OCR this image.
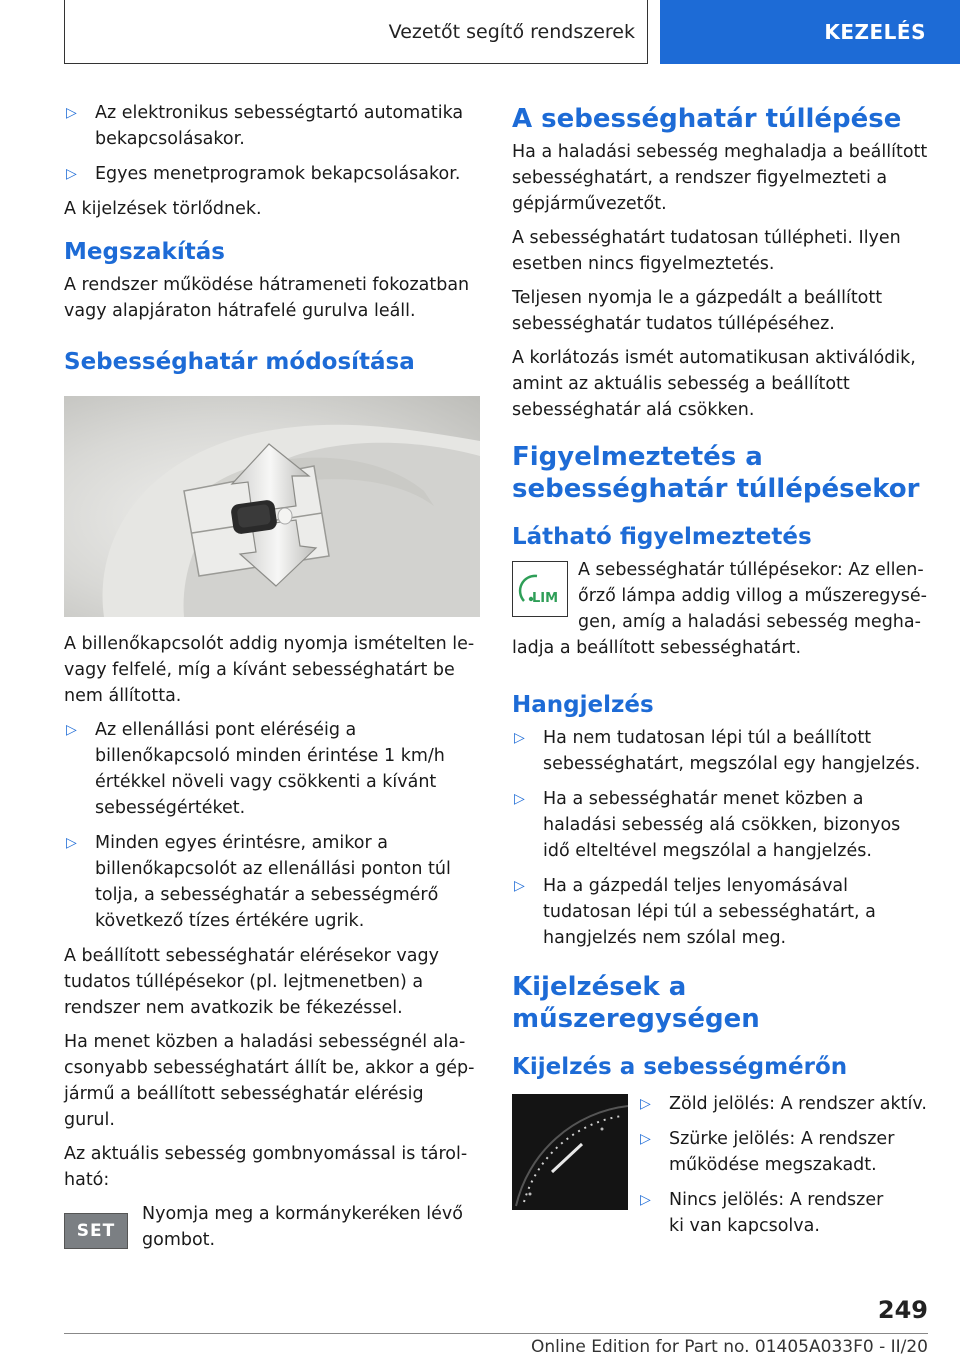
Vezetőt segítő rendszerek	KEZELÉS
▷	Az elektronikus sebességtartó automatika bekapcsolásakor.
▷	Egyes menetprogramok bekapcsolásakor.

A kijelzések törlődnek.

Megszakítás

A rendszer működése hátrameneti fokozatban vagy alapjáraton hátrafelé gurulva leáll.

Sebességhatár módosítása

A billenőkapcsolót addig nyomja ismételten le- vagy felfelé, míg a kívánt sebességhatárt be nem állította.

▷	Az ellenállási pont eléréséig a billenőkapcsoló minden érintése 1 km/h értékkel növeli vagy csökkenti a kívánt sebességértéket.
▷	Minden egyes érintésre, amikor a billenőkapcsolót az ellenállási ponton túl tolja, a sebességhatár a sebességmérő következő tízes értékére ugrik.

A beállított sebességhatár elérésekor vagy tudatos túllépésekor (pl. lejtmenetben) a rendszer nem avatkozik be fékezéssel.

Ha menet közben a haladási sebességnél alacsonyabb sebességhatárt állít be, akkor a gépjármű a beállított sebességhatár elérésig gurul.

Az aktuális sebesség gombnyomással is tárolható:

SET

Nyomja meg a kormánykeréken lévő gombot.

A sebességhatár túllépése

Ha a haladási sebesség meghaladja a beállított sebességhatárt, a rendszer figyelmezteti a gépjárművezetőt.

A sebességhatárt tudatosan túllépheti. Ilyen esetben nincs figyelmeztetés.

Teljesen nyomja le a gázpedált a beállított sebességhatár tudatos túllépéséhez.

A korlátozás ismét automatikusan aktiválódik, amint az aktuális sebesség a beállított sebességhatár alá csökken.

Figyelmeztetés a sebességhatár túllépésekor
Látható figyelmeztetés
LIM

A sebességhatár túllépésekor: Az ellenőrző lámpa addig villog a műszeregységen, amíg a haladási sebesség meghaladja a beállított sebességhatárt.

Hangjelzés
▷	Ha nem tudatosan lépi túl a beállított sebességhatárt, megszólal egy hangjelzés.
▷	Ha a sebességhatár menet közben a haladási sebesség alá csökken, bizonyos idő elteltével megszólal a hangjelzés.
▷	Ha a gázpedál teljes lenyomásával tudatosan lépi túl a sebességhatárt, a hangjelzés nem szólal meg.
Kijelzések a műszeregységen
Kijelzés a sebességmérőn
▷	Zöld jelölés: A rendszer aktív.
▷	Szürke jelölés: A rendszer működése megszakadt.
▷	Nincs jelölés: A rendszer ki van kapcsolva.
249
Online Edition for Part no. 01405A033F0 - II/20
